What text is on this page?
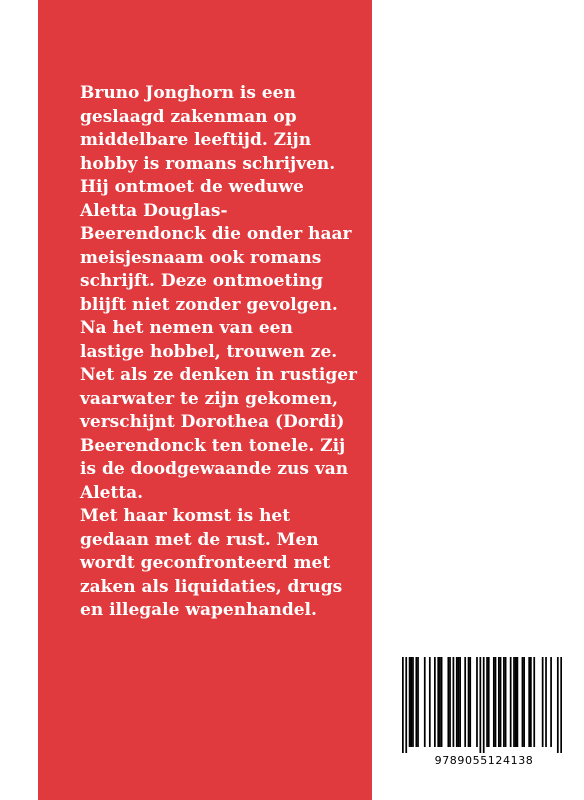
Bruno Jonghorn is een
geslaagd zakenman op
middelbare leeftijd. Zijn
hobby is romans schrijven.
Hij ontmoet de weduwe
Aletta Douglas-
Beerendonck die onder haar
meisjesnaam ook romans
schrijft. Deze ontmoeting
blijft niet zonder gevolgen.
Na het nemen van een
lastige hobbel, trouwen ze.
Net als ze denken in rustiger
vaarwater te zijn gekomen,
verschijnt Dorothea (Dordi)
Beerendonck ten tonele. Zij
is de doodgewaande zus van
Aletta.
Met haar komst is het
gedaan met de rust. Men
wordt geconfronteerd met
zaken als liquidaties, drugs
en illegale wapenhandel.

9789055124138
